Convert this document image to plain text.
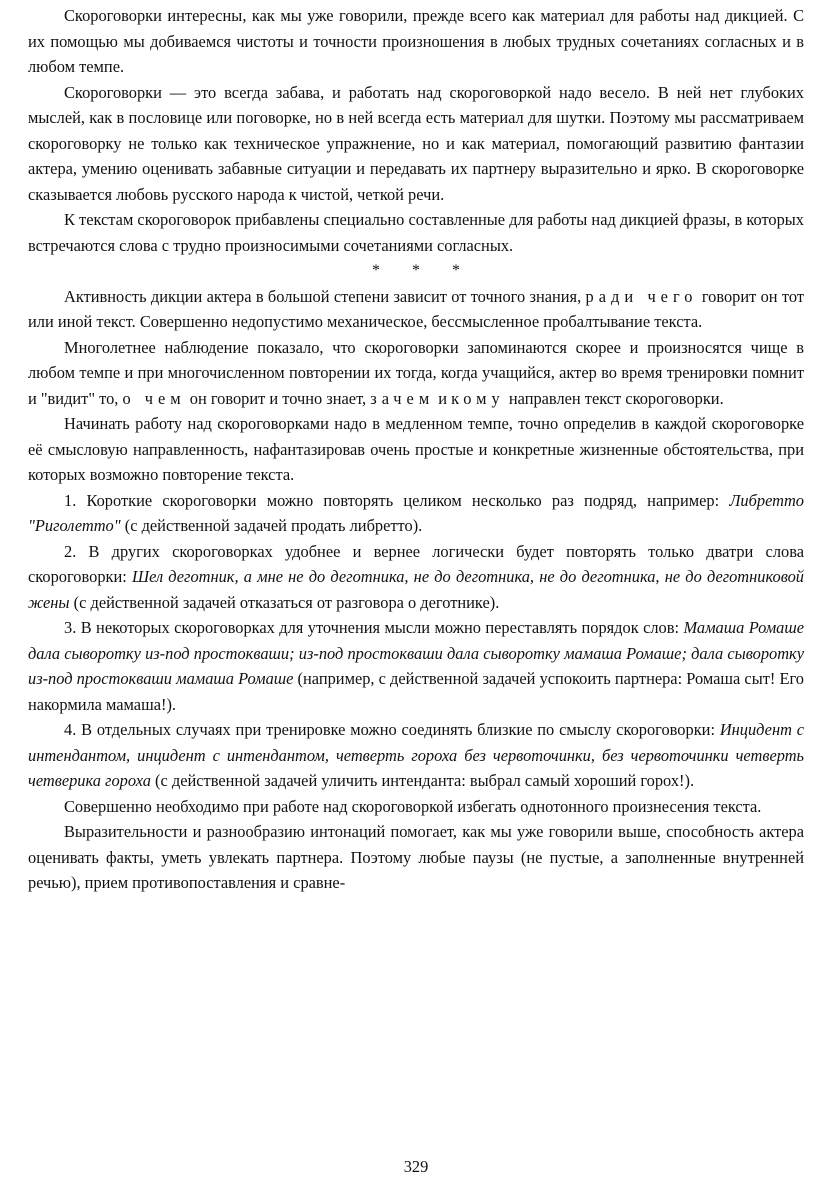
Скороговорки интересны, как мы уже говорили, прежде всего как материал для работы над дикцией. С их помощью мы добиваемся чистоты и точности произношения в любых трудных сочетаниях согласных и в любом темпе.

Скороговорки — это всегда забава, и работать над скороговоркой надо весело. В ней нет глубоких мыслей, как в пословице или поговорке, но в ней всегда есть материал для шутки. Поэтому мы рассматриваем скороговорку не только как техническое упражнение, но и как материал, помогающий развитию фантазии актера, умению оценивать забавные ситуации и передавать их партнеру выразительно и ярко. В скороговорке сказывается любовь русского народа к чистой, четкой речи.

К текстам скороговорок прибавлены специально составленные для работы над дикцией фразы, в которых встречаются слова с трудно произносимыми сочетаниями согласных.

* * *

Активность дикции актера в большой степени зависит от точного знания, ради чего говорит он тот или иной текст. Совершенно недопустимо механическое, бессмысленное пробалтывание текста.

Многолетнее наблюдение показало, что скороговорки запоминаются скорее и произносятся чище в любом темпе и при многочисленном повторении их тогда, когда учащийся, актер во время тренировки помнит и "видит" то, о чем он говорит и точно знает, зачем и кому направлен текст скороговорки.

Начинать работу над скороговорками надо в медленном темпе, точно определив в каждой скороговорке её смысловую направленность, нафантазировав очень простые и конкретные жизненные обстоятельства, при которых возможно повторение текста.

1. Короткие скороговорки можно повторять целиком несколько раз подряд, например: Либретто "Риголетто" (с действенной задачей продать либретто).

2. В других скороговорках удобнее и вернее логически будет повторять только дватри слова скороговорки: Шел деготник, а мне не до деготника, не до деготника, не до деготника, не до деготниковой жены (с действенной задачей отказаться от разговора о деготнике).

3. В некоторых скороговорках для уточнения мысли можно переставлять порядок слов: Мамаша Ромаше дала сыворотку из-под простокваши; из-под простокваши дала сыворотку мамаша Ромаше; дала сыворотку из-под простокваши мамаша Ромаше (например, с действенной задачей успокоить партнера: Ромаша сыт! Его накормила мамаша!).

4. В отдельных случаях при тренировке можно соединять близкие по смыслу скороговорки: Инцидент с интендантом, инцидент с интендантом, четверть гороха без червоточинки, без червоточинки четверть четверика гороха (с действенной задачей уличить интенданта: выбрал самый хороший горох!).

Совершенно необходимо при работе над скороговоркой избегать однотонного произнесения текста.

Выразительности и разнообразию интонаций помогает, как мы уже говорили выше, способность актера оценивать факты, уметь увлекать партнера. Поэтому любые паузы (не пустые, а заполненные внутренней речью), прием противопоставления и сравне-

329
